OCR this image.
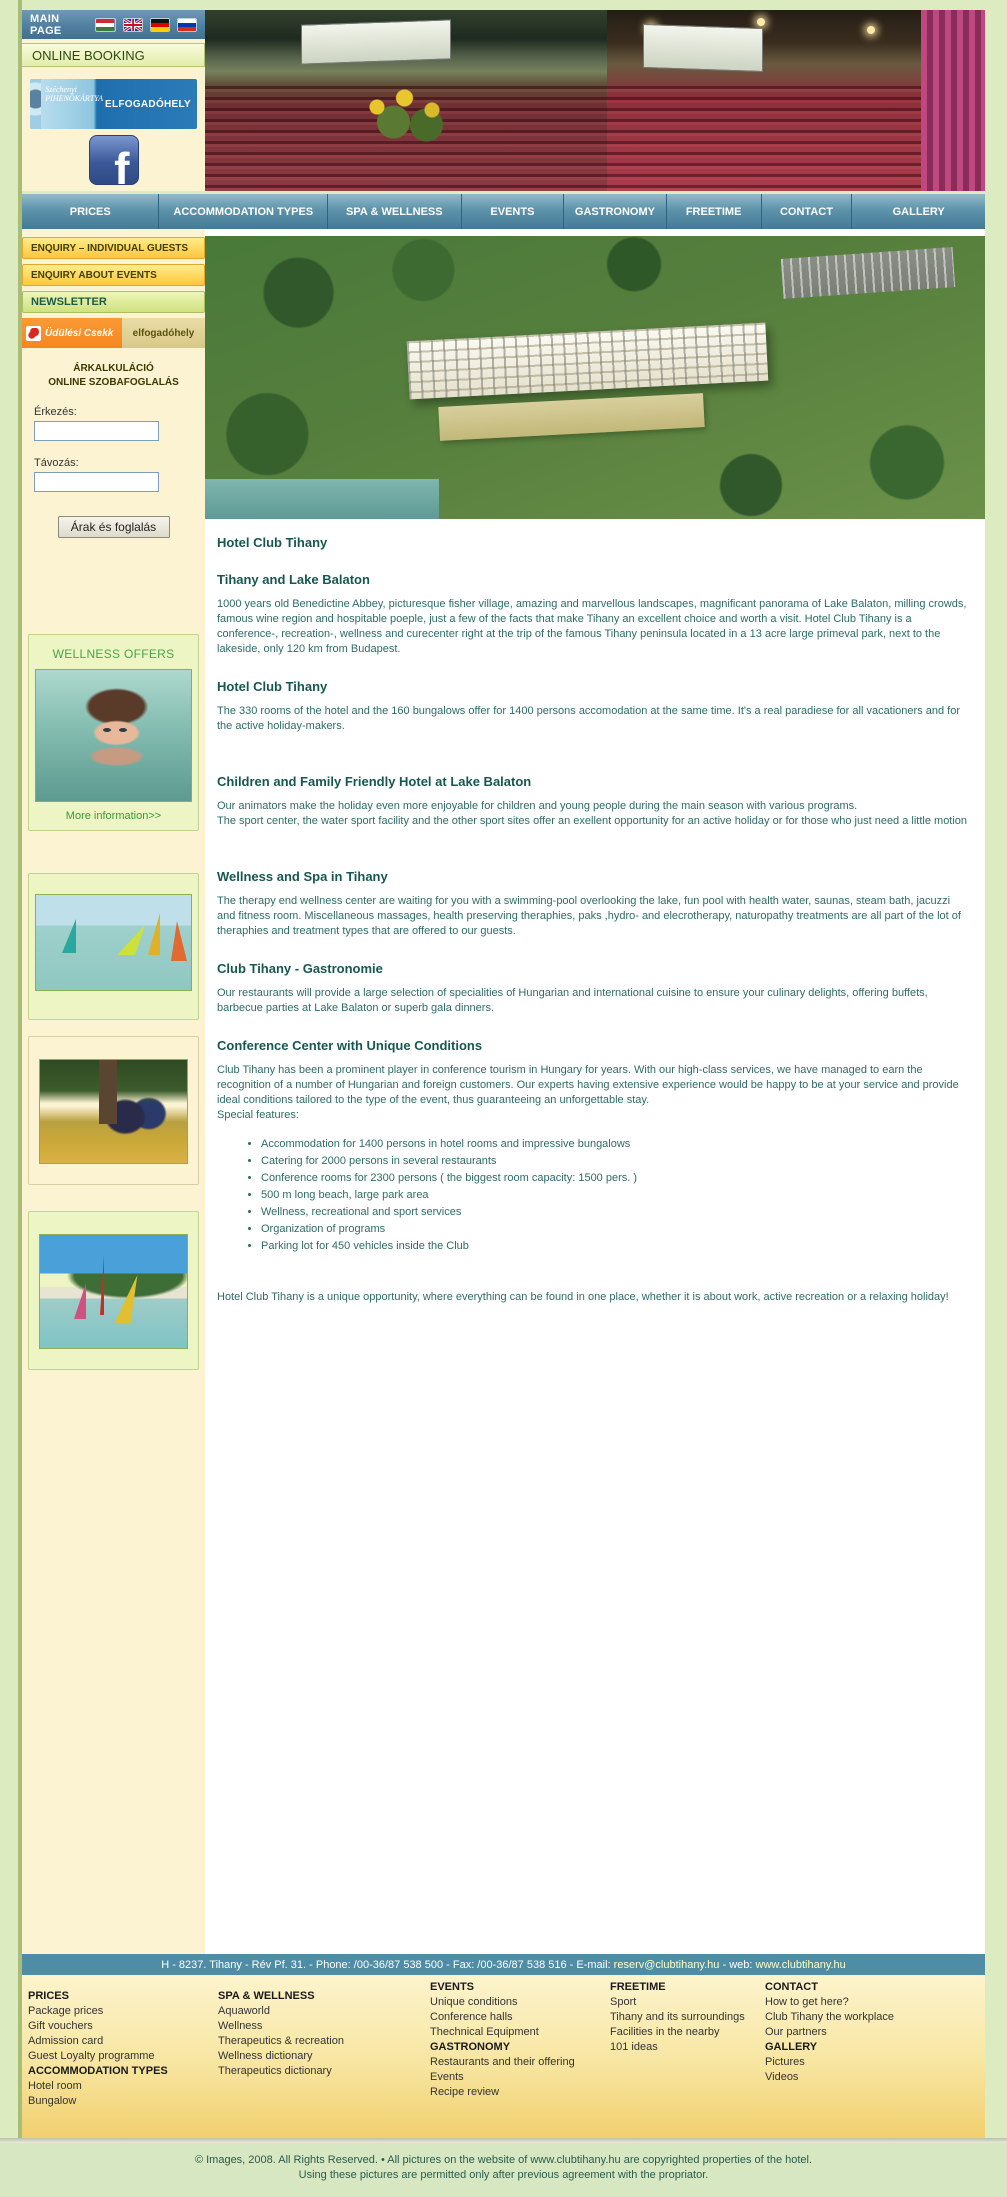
MAIN PAGE
ONLINE BOOKING
Széchenyi
PIHENŐKÁRTYA ELFOGADÓHELY
f
PRICES	ACCOMMODATION TYPES	SPA & WELLNESS	EVENTS	GASTRONOMY	FREETIME	CONTACT	GALLERY
ENQUIRY – INDIVIDUAL GUESTS
ENQUIRY ABOUT EVENTS
NEWSLETTER
Üdülési Csekk elfogadóhely
ÁRKALKULÁCIÓ
ONLINE SZOBAFOGLALÁS
Érkezés:
Távozás:
Árak és foglalás
WELLNESS OFFERS
More information>>
Hotel Club Tihany
Tihany and Lake Balaton

1000 years old Benedictine Abbey, picturesque fisher village, amazing and marvellous landscapes, magnificant panorama of Lake Balaton, milling crowds, famous wine region and hospitable poeple, just a few of the facts that make Tihany an excellent choice and worth a visit. Hotel Club Tihany is a conference-, recreation-, wellness and curecenter right at the trip of the famous Tihany peninsula located in a 13 acre large primeval park, next to the lakeside, only 120 km from Budapest.

Hotel Club Tihany

The 330 rooms of the hotel and the 160 bungalows offer for 1400 persons accomodation at the same time. It's a real paradiese for all vacationers and for the active holiday-makers.

Children and Family Friendly Hotel at Lake Balaton

Our animators make the holiday even more enjoyable for children and young people during the main season with various programs.

The sport center, the water sport facility and the other sport sites offer an exellent opportunity for an active holiday or for those who just need a little motion

Wellness and Spa in Tihany

The therapy end wellness center are waiting for you with a swimming-pool overlooking the lake, fun pool with health water, saunas, steam bath, jacuzzi and fitness room. Miscellaneous massages, health preserving theraphies, paks ,hydro- and elecrotherapy, naturopathy treatments are all part of the lot of theraphies and treatment types that are offered to our guests.

Club Tihany - Gastronomie

Our restaurants will provide a large selection of specialities of Hungarian and international cuisine to ensure your culinary delights, offering buffets, barbecue parties at Lake Balaton or superb gala dinners.

Conference Center with Unique Conditions

Club Tihany has been a prominent player in conference tourism in Hungary for years. With our high-class services, we have managed to earn the recognition of a number of Hungarian and foreign customers. Our experts having extensive experience would be happy to be at your service and provide ideal conditions tailored to the type of the event, thus guaranteeing an unforgettable stay.

Special features:

• Accommodation for 1400 persons in hotel rooms and impressive bungalows
• Catering for 2000 persons in several restaurants
• Conference rooms for 2300 persons ( the biggest room capacity: 1500 pers. )
• 500 m long beach, large park area
• Wellness, recreational and sport services
• Organization of programs
• Parking lot for 450 vehicles inside the Club

Hotel Club Tihany is a unique opportunity, where everything can be found in one place, whether it is about work, active recreation or a relaxing holiday!

H - 8237. Tihany - Rév Pf. 31. - Phone: /00-36/87 538 500 - Fax: /00-36/87 538 516 - E-mail: reserv@clubtihany.hu - web: www.clubtihany.hu
PRICES
Package prices
Gift vouchers
Admission card
Guest Loyalty programme
ACCOMMODATION TYPES
Hotel room
Bungalow
SPA & WELLNESS
Aquaworld
Wellness
Therapeutics & recreation
Wellness dictionary
Therapeutics dictionary
EVENTS
Unique conditions
Conference halls
Thechnical Equipment
GASTRONOMY
Restaurants and their offering
Events
Recipe review
FREETIME
Sport
Tihany and its surroundings
Facilities in the nearby
101 ideas
CONTACT
How to get here?
Club Tihany the workplace
Our partners
GALLERY
Pictures
Videos
© Images, 2008. All Rights Reserved. • All pictures on the website of www.clubtihany.hu are copyrighted properties of the hotel.
Using these pictures are permitted only after previous agreement with the propriator.
